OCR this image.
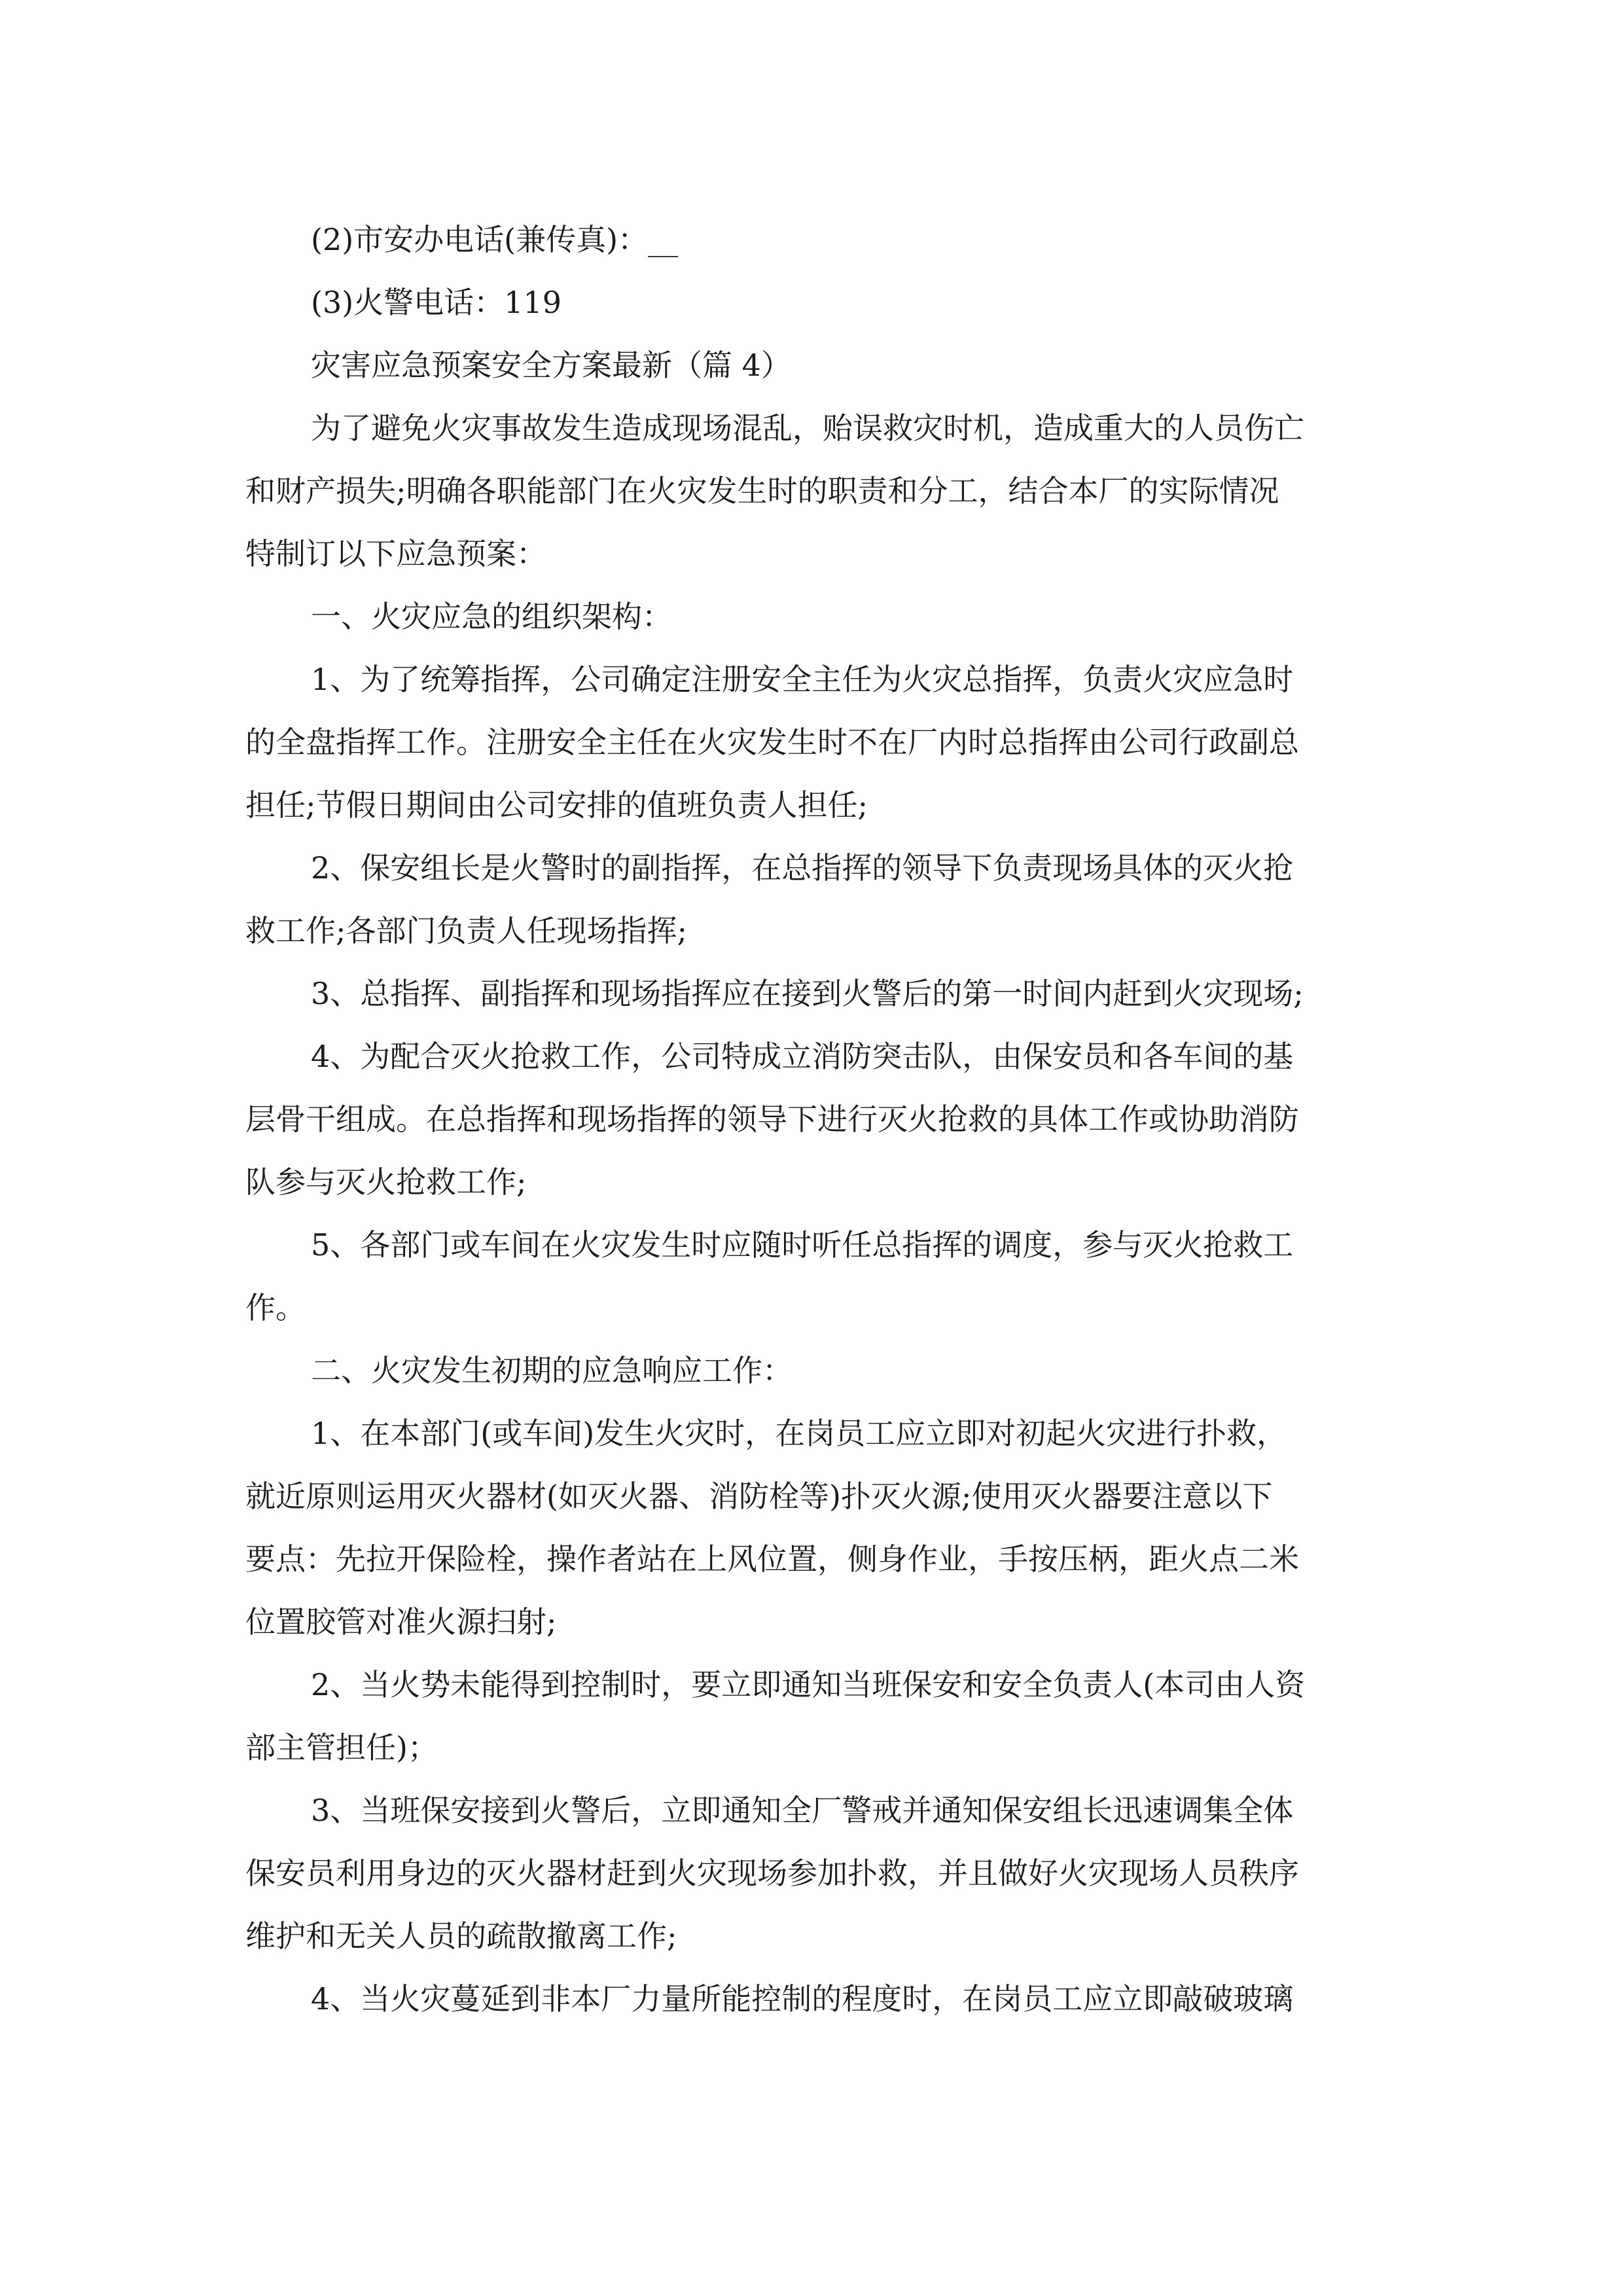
(2)市安办电话(兼传真)：__
(3)火警电话：119
灾害应急预案安全方案最新（篇 4）
为了避免火灾事故发生造成现场混乱，贻误救灾时机，造成重大的人员伤亡
和财产损失;明确各职能部门在火灾发生时的职责和分工，结合本厂的实际情况
特制订以下应急预案：
一、火灾应急的组织架构：
1、为了统筹指挥，公司确定注册安全主任为火灾总指挥，负责火灾应急时
的全盘指挥工作。注册安全主任在火灾发生时不在厂内时总指挥由公司行政副总
担任;节假日期间由公司安排的值班负责人担任;
2、保安组长是火警时的副指挥，在总指挥的领导下负责现场具体的灭火抢
救工作;各部门负责人任现场指挥;
3、总指挥、副指挥和现场指挥应在接到火警后的第一时间内赶到火灾现场;
4、为配合灭火抢救工作，公司特成立消防突击队，由保安员和各车间的基
层骨干组成。在总指挥和现场指挥的领导下进行灭火抢救的具体工作或协助消防
队参与灭火抢救工作;
5、各部门或车间在火灾发生时应随时听任总指挥的调度，参与灭火抢救工
作。
二、火灾发生初期的应急响应工作：
1、在本部门(或车间)发生火灾时，在岗员工应立即对初起火灾进行扑救，
就近原则运用灭火器材(如灭火器、消防栓等)扑灭火源;使用灭火器要注意以下
要点：先拉开保险栓，操作者站在上风位置，侧身作业，手按压柄，距火点二米
位置胶管对准火源扫射;
2、当火势未能得到控制时，要立即通知当班保安和安全负责人(本司由人资
部主管担任)；
3、当班保安接到火警后，立即通知全厂警戒并通知保安组长迅速调集全体
保安员利用身边的灭火器材赶到火灾现场参加扑救，并且做好火灾现场人员秩序
维护和无关人员的疏散撤离工作;
4、当火灾蔓延到非本厂力量所能控制的程度时，在岗员工应立即敲破玻璃
